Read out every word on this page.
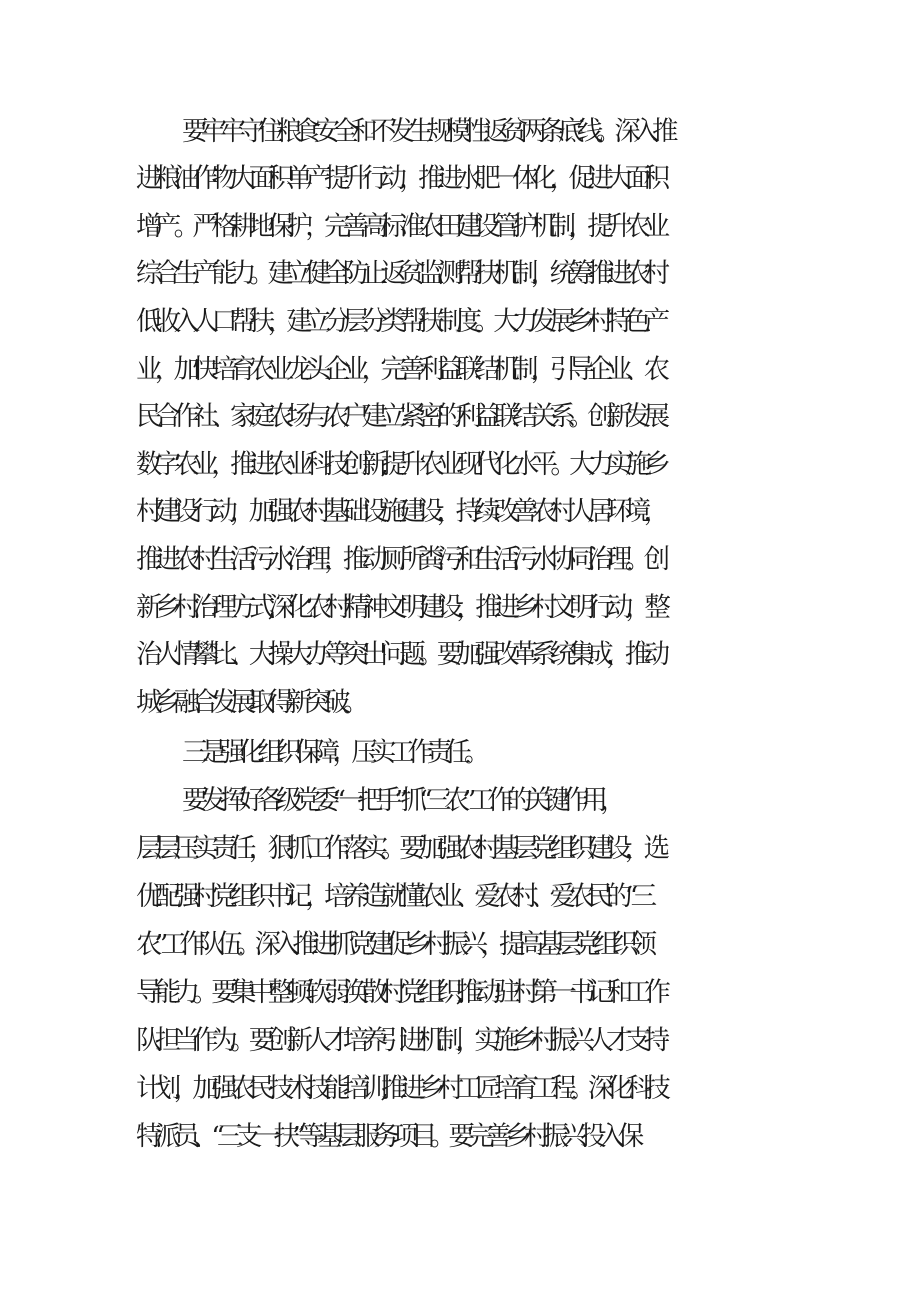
要牢牢守住粮食安全和不发生规模性返贫两条底线。深入推
进粮油作物大面积单产提升行动，推进水肥一体化，促进大面积
增产。严格耕地保护，完善高标准农田建设管护机制，提升农业
综合生产能力。建立健全防止返贫监测帮扶机制，统筹推进农村
低收入人口帮扶，建立分层分类帮扶制度。大力发展乡村特色产
业，加快培育农业龙头企业，完善利益联结机制，引导企业、农
民合作社、家庭农场与农户建立紧密的利益联结关系。创新发展
数字农业，推进农业科技创新,提升农业现代化水平。大力实施乡
村建设行动，加强农村基础设施建设，持续改善农村人居环境，
推进农村生活污水治理，推动厕所粪污和生活污水协同治理。创
新乡村治理方式,深化农村精神文明建设，推进乡村文明行动，整
治人情攀比、大操大办等突出问题。要加强改革系统集成，推动
城乡融合发展取得新突破。
三是强化组织保障，压实工作责任。
要发挥好各级党委“一把手”抓“三农”工作的关键作用，
层层压实责任，狠抓工作落实。要加强农村基层党组织建设，选
优配强村党组织书记，培养造就懂农业、爱农村、爱农民的“三
农”工作队伍。深入推进抓党建促乡村振兴，提高基层党组织领
导能力。要集中整顿软弱涣散村党组织,推动驻村第一书记和工作
队担当作为。要创新人才培养引进机制，实施乡村振兴人才支持
计划，加强农民技术技能培训,推进乡村工匠培育工程。深化科技
特派员、“三支一扶”等基层服务项目。要完善乡村振兴投入保
